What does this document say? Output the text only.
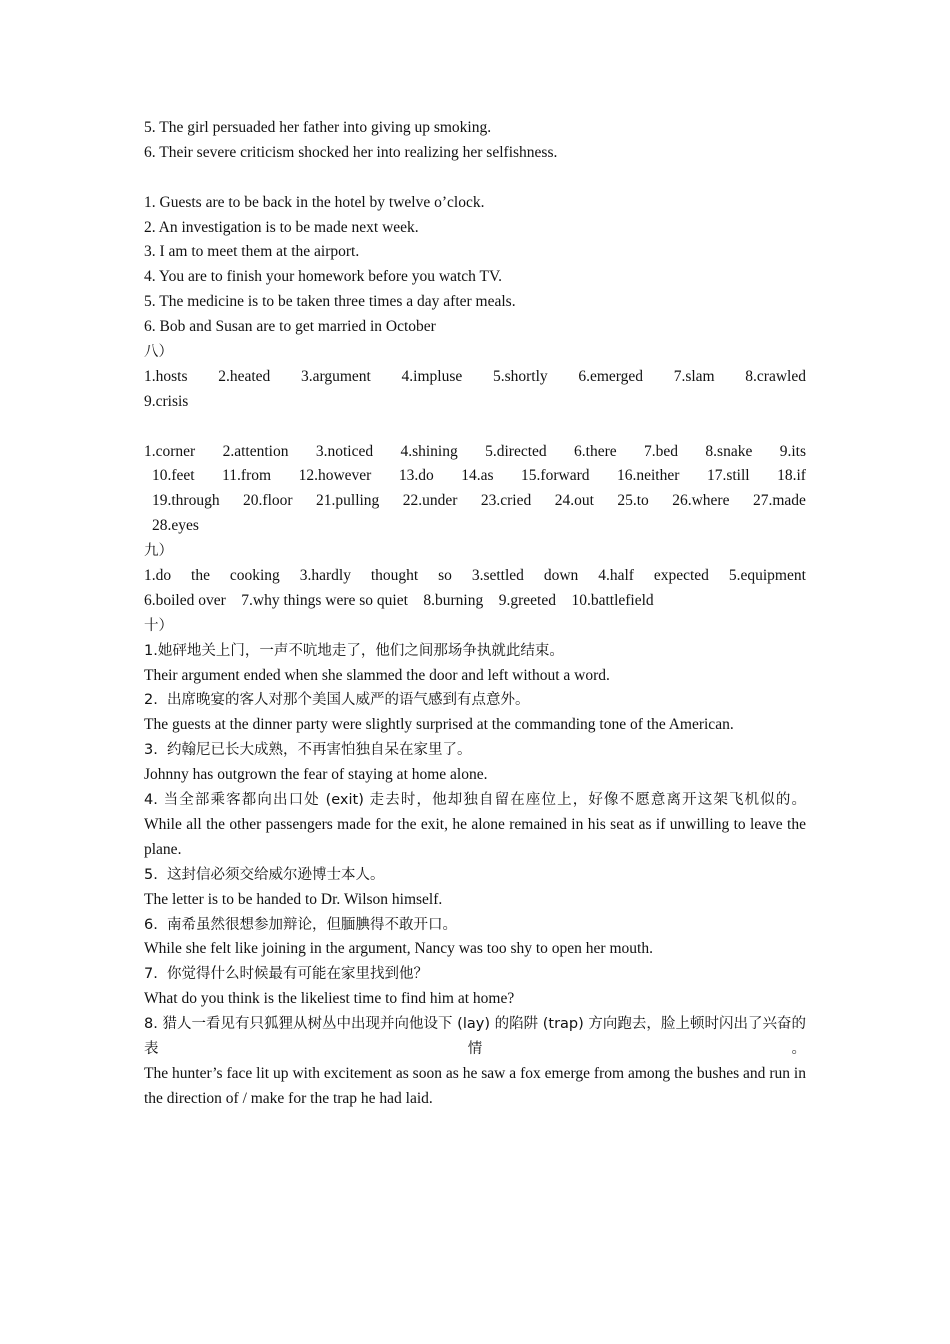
5. The girl persuaded her father into giving up smoking.
6. Their severe criticism shocked her into realizing her selfishness.
1. Guests are to be back in the hotel by twelve o’clock.
2. An investigation is to be made next week.
3. I am to meet them at the airport.
4. You are to finish your homework before you watch TV.
5. The medicine is to be taken three times a day after meals.
6. Bob and Susan are to get married in October
八）
1.hosts 2.heated 3.argument 4.impluse 5.shortly 6.emerged 7.slam 8.crawled
9.crisis
1.corner 2.attention 3.noticed 4.shining 5.directed 6.there 7.bed 8.snake 9.its
10.feet 11.from 12.however 13.do 14.as 15.forward 16.neither 17.still 18.if
19.through 20.floor 21.pulling 22.under 23.cried 24.out 25.to 26.where 27.made
28.eyes
九）
1.do the cooking 3.hardly thought so 3.settled down 4.half expected 5.equipment
6.boiled over    7.why things were so quiet    8.burning    9.greeted    10.battlefield
十）
1.她砰地关上门，一声不吭地走了，他们之间那场争执就此结束。
Their argument ended when she slammed the door and left without a word.
2.  出席晚宴的客人对那个美国人威严的语气感到有点意外。
The guests at the dinner party were slightly surprised at the commanding tone of the American.
3.  约翰尼已长大成熟，不再害怕独自呆在家里了。
Johnny has outgrown the fear of staying at home alone.
4. 当全部乘客都向出口处 (exit) 走去时，他却独自留在座位上，好像不愿意离开这架飞机似的。
While all the other passengers made for the exit, he alone remained in his seat as if unwilling to leave the plane.
5.  这封信必须交给威尔逊博士本人。
The letter is to be handed to Dr. Wilson himself.
6.  南希虽然很想参加辩论，但腼腆得不敢开口。
While she felt like joining in the argument, Nancy was too shy to open her mouth.
7.  你觉得什么时候最有可能在家里找到他？
What do you think is the likeliest time to find him at home?
8. 猎人一看见有只狐狸从树丛中出现并向他设下 (lay) 的陷阱 (trap) 方向跑去，脸上顿时闪出了兴奋的表情。
The hunter’s face lit up with excitement as soon as he saw a fox emerge from among the bushes and run in the direction of / make for the trap he had laid.
